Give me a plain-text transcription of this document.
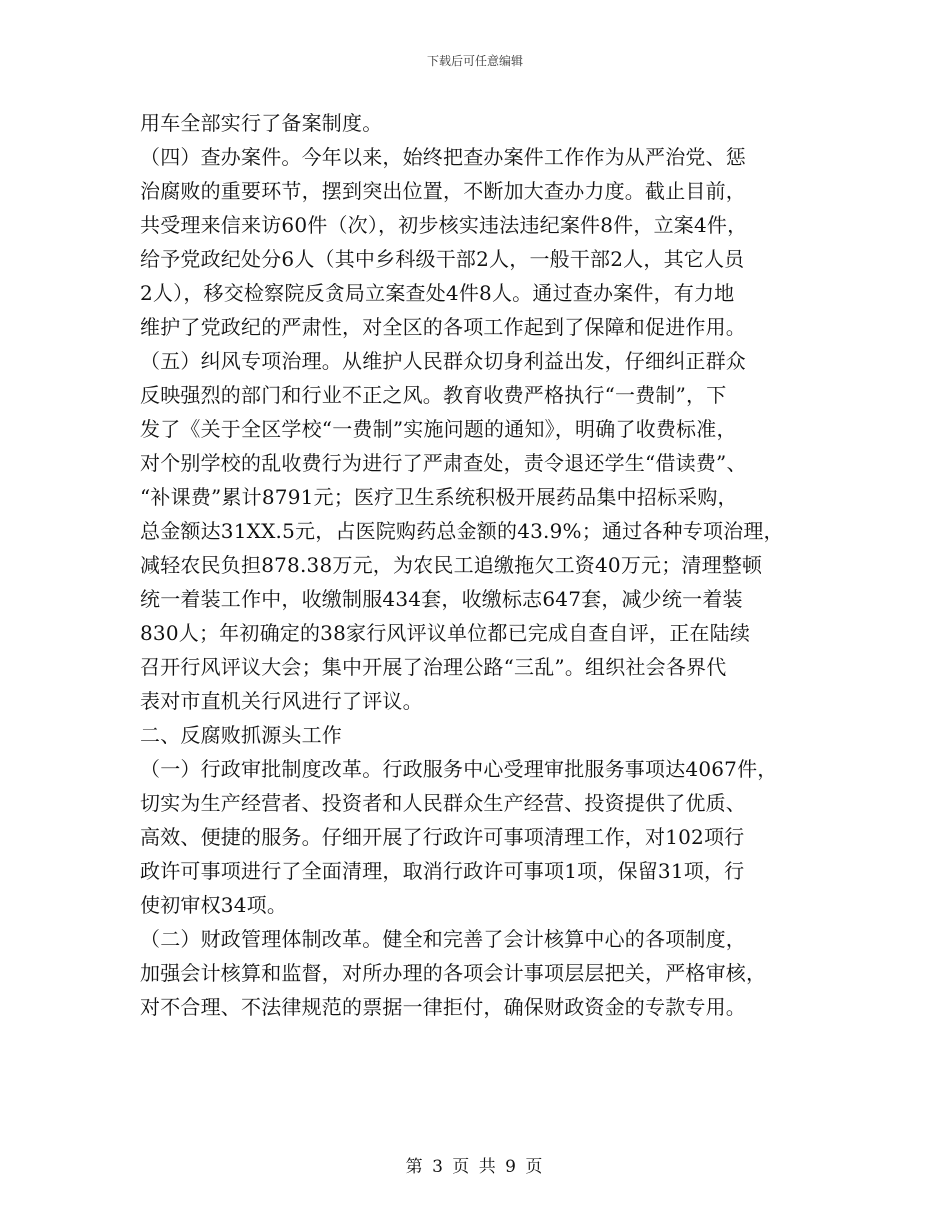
下载后可任意编辑
用车全部实行了备案制度。
（四）查办案件。今年以来，始终把查办案件工作作为从严治党、惩
治腐败的重要环节，摆到突出位置，不断加大查办力度。截止目前，
共受理来信来访60件（次），初步核实违法违纪案件8件，立案4件，
给予党政纪处分6人（其中乡科级干部2人，一般干部2人，其它人员
2人），移交检察院反贪局立案查处4件8人。通过查办案件，有力地
维护了党政纪的严肃性，对全区的各项工作起到了保障和促进作用。
（五）纠风专项治理。从维护人民群众切身利益出发，仔细纠正群众
反映强烈的部门和行业不正之风。教育收费严格执行“一费制”，下
发了《关于全区学校“一费制”实施问题的通知》，明确了收费标准，
对个别学校的乱收费行为进行了严肃查处，责令退还学生“借读费”、
“补课费”累计8791元；医疗卫生系统积极开展药品集中招标采购，
总金额达31XX.5元，占医院购药总金额的43.9%；通过各种专项治理，
减轻农民负担878.38万元，为农民工追缴拖欠工资40万元；清理整顿
统一着装工作中，收缴制服434套，收缴标志647套，减少统一着装
830人；年初确定的38家行风评议单位都已完成自查自评，正在陆续
召开行风评议大会；集中开展了治理公路“三乱”。组织社会各界代
表对市直机关行风进行了评议。
二、反腐败抓源头工作
（一）行政审批制度改革。行政服务中心受理审批服务事项达4067件，
切实为生产经营者、投资者和人民群众生产经营、投资提供了优质、
高效、便捷的服务。仔细开展了行政许可事项清理工作，对102项行
政许可事项进行了全面清理，取消行政许可事项1项，保留31项，行
使初审权34项。
（二）财政管理体制改革。健全和完善了会计核算中心的各项制度，
加强会计核算和监督，对所办理的各项会计事项层层把关，严格审核，
对不合理、不法律规范的票据一律拒付，确保财政资金的专款专用。
第 3 页 共 9 页
